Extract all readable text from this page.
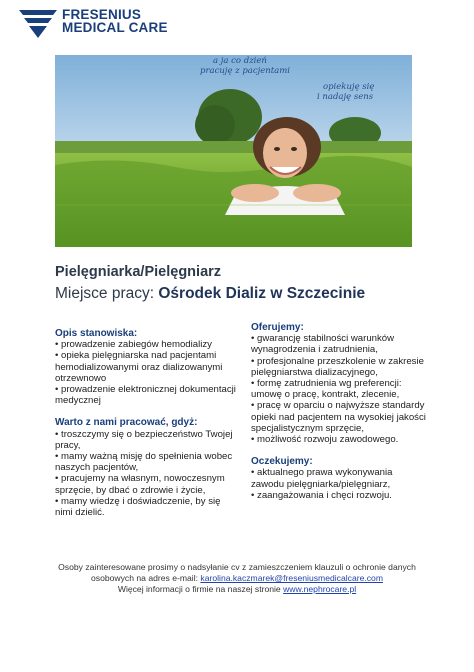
FRESENIUS
MEDICAL CARE
a ja co dzień
pracuję z pacjentami
opiekuję się
i nadaję sens
Pielęgniarka/Pielęgniarz
Miejsce pracy: Ośrodek Dializ w Szczecinie
Opis stanowiska:
• prowadzenie zabiegów hemodializy
• opieka pielęgniarska nad pacjentami hemodializowanymi oraz dializowanymi otrzewnowo
• prowadzenie elektronicznej dokumentacji medycznej
Warto z nami pracować, gdyż:
• troszczymy się o bezpieczeństwo Twojej pracy,
• mamy ważną misję do spełnienia wobec naszych pacjentów,
• pracujemy na własnym, nowoczesnym sprzęcie, by dbać o zdrowie i życie,
• mamy wiedzę i doświadczenie, by się nimi dzielić.
Oferujemy:
• gwarancję stabilności warunków wynagrodzenia i zatrudnienia,
• profesjonalne przeszkolenie w zakresie pielęgniarstwa dializacyjnego,
• formę zatrudnienia wg preferencji: umowę o pracę, kontrakt, zlecenie,
• pracę w oparciu o najwyższe standardy opieki nad pacjentem na wysokiej jakości specjalistycznym sprzęcie,
• możliwość rozwoju zawodowego.
Oczekujemy:
• aktualnego prawa wykonywania zawodu pielęgniarka/pielęgniarz,
• zaangażowania i chęci rozwoju.
Osoby zainteresowane prosimy o nadsyłanie cv z zamieszczeniem klauzuli o ochronie danych
osobowych na adres e-mail: karolina.kaczmarek@freseniusmedicalcare.com
Więcej informacji o firmie na naszej stronie www.nephrocare.pl
